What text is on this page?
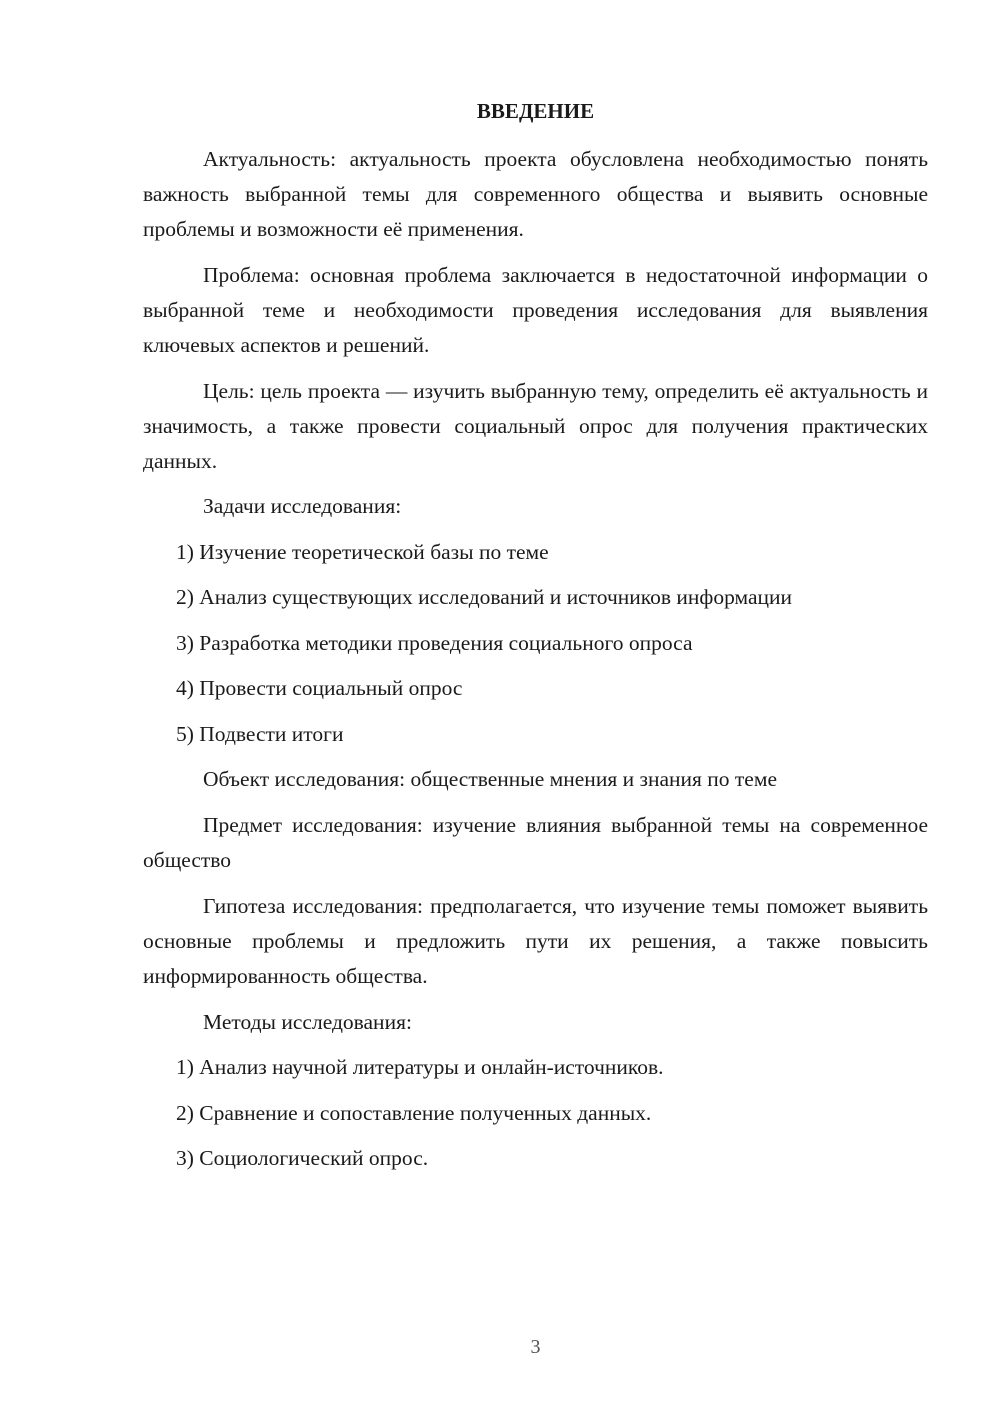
ВВЕДЕНИЕ

Актуальность: актуальность проекта обусловлена необходимостью понять важность выбранной темы для современного общества и выявить основные проблемы и возможности её применения.

Проблема: основная проблема заключается в недостаточной информации о выбранной теме и необходимости проведения исследования для выявления ключевых аспектов и решений.

Цель: цель проекта — изучить выбранную тему, определить её актуальность и значимость, а также провести социальный опрос для получения практических данных.

Задачи исследования:

1) Изучение теоретической базы по теме

2) Анализ существующих исследований и источников информации

3) Разработка методики проведения социального опроса

4) Провести социальный опрос

5) Подвести итоги

Объект исследования: общественные мнения и знания по теме

Предмет исследования: изучение влияния выбранной темы на современное общество

Гипотеза исследования: предполагается, что изучение темы поможет выявить основные проблемы и предложить пути их решения, а также повысить информированность общества.

Методы исследования:

1) Анализ научной литературы и онлайн-источников.

2) Сравнение и сопоставление полученных данных.

3) Социологический опрос.

3
